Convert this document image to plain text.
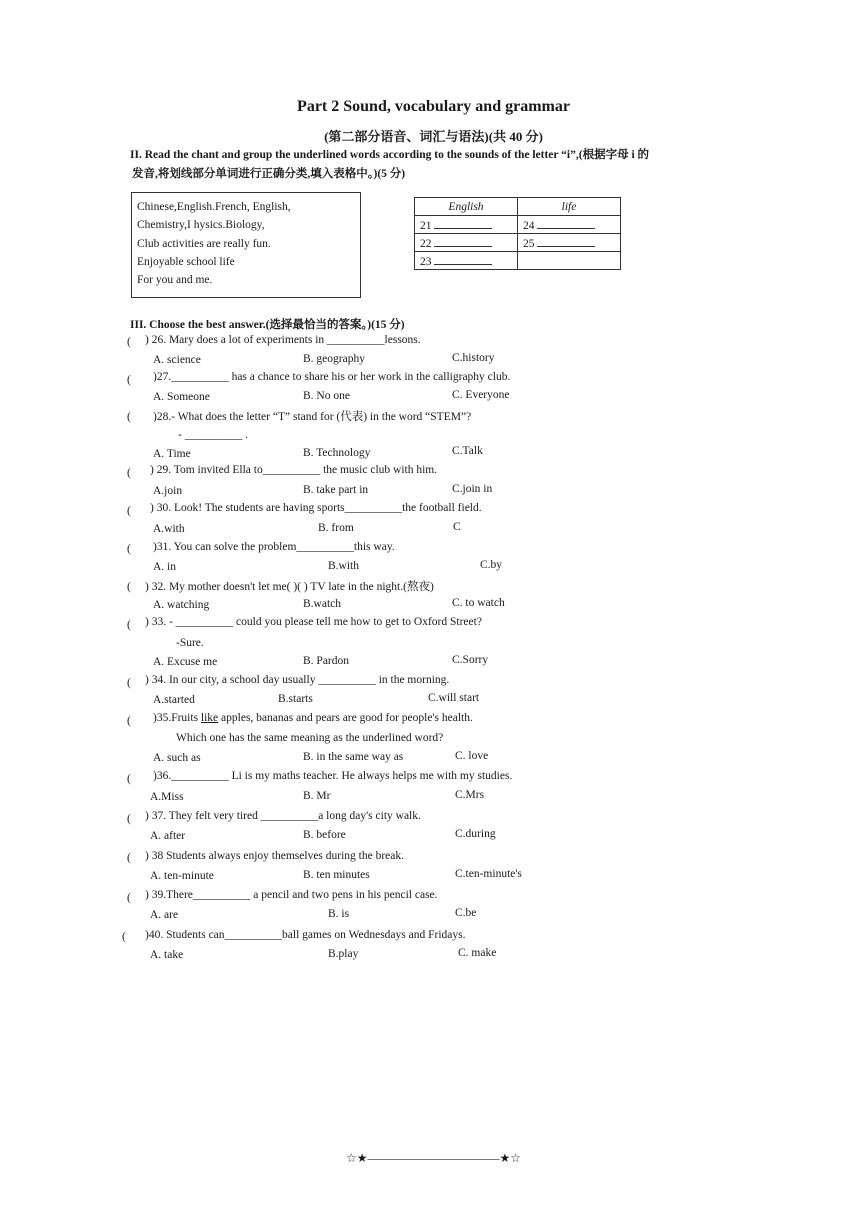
Part 2 Sound, vocabulary and grammar
(第二部分语音、词汇与语法)(共 40 分)
II. Read the chant and group the underlined words according to the sounds of the letter “i”,(根据字母 i 的
发音,将划线部分单词进行正确分类,填入表格中。)(5 分)
Chinese,English.French, English,
Chemistry,I hysics.Biology,
Club activities are really fun.
Enjoyable school life
For you and me.
English	life
21	24
22	25
23	
III. Choose the best answer.(选择最恰当的答案。)(15 分)
( ) 26. Mary does a lot of experiments in __________lessons.
A. science	B. geography	C.history
( )27.__________ has a chance to share his or her work in the calligraphy club.
A. Someone	B. No one	C. Everyone
( )28.- What does the letter “T” stand for (代表) in the word “STEM”?
- __________ .
A. Time	B. Technology	C.Talk
( ) 29. Tom invited Ella to__________ the music club with him.
A.join	B. take part in	C.join in
( ) 30. Look! The students are having sports__________the football field.
A.with	B. from	C
( )31. You can solve the problem__________this way.
A. in	B.with	C.by
( ) 32. My mother doesn't let me( )( ) TV late in the night.(熬夜)
A. watching	B.watch	C. to watch
( ) 33. - __________ could you please tell me how to get to Oxford Street?
-Sure.
A. Excuse me	B. Pardon	C.Sorry
( ) 34. In our city, a school day usually __________ in the morning.
A.started	B.starts	C.will start
( )35.Fruits like apples, bananas and pears are good for people's health.
Which one has the same meaning as the underlined word?
A. such as	B. in the same way as	C. love
( )36.__________ Li is my maths teacher. He always helps me with my studies.
A.Miss	B. Mr	C.Mrs
( ) 37. They felt very tired __________a long day's city walk.
A. after	B. before	C.during
( ) 38 Students always enjoy themselves during the break.
A. ten-minute	B. ten minutes	C.ten-minute's
( ) 39.There__________ a pencil and two pens in his pencil case.
A. are	B. is	C.be
( )40. Students can__________ball games on Wednesdays and Fridays.
A. take	B.play	C. make
☆★———————————★☆
